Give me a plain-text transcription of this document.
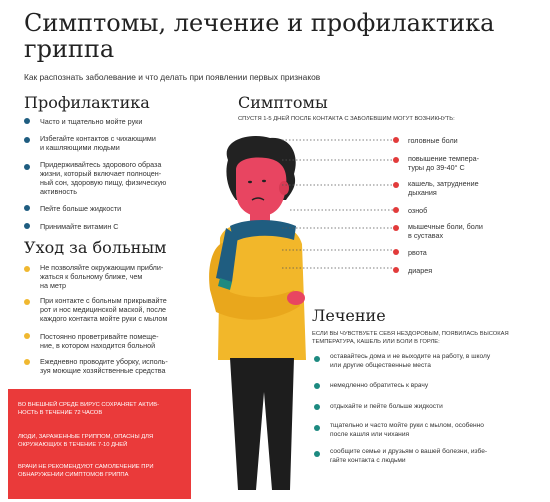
Симптомы, лечение и профилактика
гриппа
Как распознать заболевание и что делать при появлении первых признаков
Профилактика
Часто и тщательно мойте руки
Избегайте контактов с чихающими
и кашляющими людьми
Придерживайтесь здорового образа
жизни, который включает полноцен-
ный сон, здоровую пищу, физическую
активность
Пейте больше жидкости
Принимайте витамин С
Уход за больным
Не позволяйте окружающим прибли-
жаться к больному ближе, чем
на метр
При контакте с больным прикрывайте
рот и нос медицинской маской, после
каждого контакта мойте руки с мылом
Постоянно проветривайте помеще-
ние, в котором находится больной
Ежедневно проводите уборку, исполь-
зуя моющие хозяйственные средства

ВО ВНЕШНЕЙ СРЕДЕ ВИРУС СОХРАНЯЕТ АКТИВ-
НОСТЬ В ТЕЧЕНИЕ 72 ЧАСОВ

ЛЮДИ, ЗАРАЖЕННЫЕ ГРИППОМ, ОПАСНЫ ДЛЯ
ОКРУЖАЮЩИХ В ТЕЧЕНИЕ 7-10 ДНЕЙ

ВРАЧИ НЕ РЕКОМЕНДУЮТ САМОЛЕЧЕНИЕ ПРИ
ОБНАРУЖЕНИИ СИМПТОМОВ ГРИППА

Симптомы
СПУСТЯ 1-5 ДНЕЙ ПОСЛЕ КОНТАКТА С ЗАБОЛЕВШИМ МОГУТ ВОЗНИКНУТЬ:
головные боли
повышение темпера-
туры до 39-40° С
кашель, затруднение
дыхания
озноб
мышечные боли, боли
в суставах
рвота
диарея
Лечение
ЕСЛИ ВЫ ЧУВСТВУЕТЕ СЕБЯ НЕЗДОРОВЫМ, ПОЯВИЛАСЬ ВЫСОКАЯ
ТЕМПЕРАТУРА, КАШЕЛЬ ИЛИ БОЛИ В ГОРЛЕ:
оставайтесь дома и не выходите на работу, в школу
или другие общественные места
немедленно обратитесь к врачу
отдыхайте и пейте больше жидкости
тщательно и часто мойте руки с мылом, особенно
после кашля или чихания
сообщите семье и друзьям о вашей болезни, избе-
гайте контакта с людьми
